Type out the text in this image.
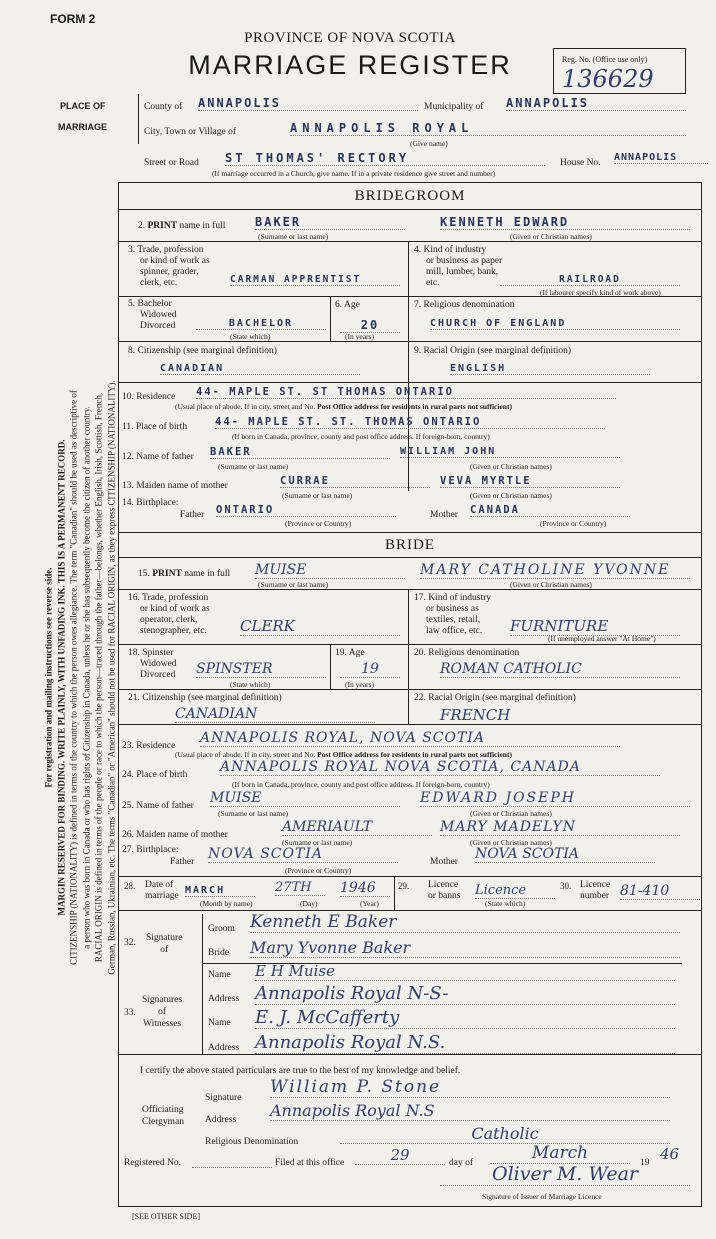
For registration and mailing instructions see reverse side. MARGIN RESERVED FOR BINDING. WRITE PLAINLY, WITH UNFADING INK. THIS IS A PERMANENT RECORD. CITIZENSHIP (NATIONALITY) is defined in terms of the country to which the person owes allegiance. The term "Canadian" should be used as descriptive of a person who was born in Canada or who has rights of Citizenship in Canada, unless he or she has subsequently become the citizen of another country. RACIAL ORIGIN is defined in terms of the people or race to which the person—traced through the father—belongs, whether English, Irish, Scottish, French, German, Russian, Ukrainian, etc. The terms "Canadian" or "American" should not be used for RACIAL ORIGIN, as they express CITIZENSHIP (NATIONALITY).
FORM 2
PROVINCE OF NOVA SCOTIA
MARRIAGE REGISTER	Reg. No. (Office use only)
136629
PLACE OF
MARRIAGE
County of ANNAPOLIS	Municipality of ANNAPOLIS
City, Town or Village of	ANNAPOLIS ROYAL
(Give name)
Street or Road ST THOMAS' RECTORY	House No. ANNAPOLIS
(If marriage occurred in a Church, give name. If in a private residence give street and number)
BRIDEGROOM
2. PRINT name in full BAKER	KENNETH EDWARD
(Surname or last name)	(Given or Christian names)
3. Trade, profession
or kind of work as
spinner, grader,
clerk, etc.	CARMAN APPRENTIST
4. Kind of industry
or business as paper
mill, lumber, bank,
etc.	RAILROAD
(If labourer specify kind of work above)
5. Bachelor
Widowed
Divorced	BACHELOR
(State which)
6. Age
20
(In years)
7. Religious denomination
CHURCH OF ENGLAND
8. Citizenship (see marginal definition)
CANADIAN
9. Racial Origin (see marginal definition)
ENGLISH
10. Residence 44- MAPLE ST. ST THOMAS ONTARIO
(Usual place of abode. If in city, street and No. Post Office address for residents in rural parts not sufficient)
11. Place of birth	44- MAPLE ST. ST. THOMAS ONTARIO
(If born in Canada, province, county and post office address. If foreign-born, country)
12. Name of father BAKER	WILLIAM JOHN
(Surname or last name)	(Given or Christian names)
13. Maiden name of mother	CURRAE	VEVA MYRTLE
(Surname or last name)	(Given or Christian names)
14. Birthplace:
Father ONTARIO	Mother CANADA
(Province or Country)	(Province or Country)
BRIDE
15. PRINT name in full MUISE	MARY CATHOLINE YVONNE
(Surname or last name)	(Given or Christian names)
16. Trade, profession
or kind of work as
operator, clerk,
stenographer, etc. CLERK
17. Kind of industry
or business as
textiles, retail,
law office, etc.	FURNITURE
(If unemployed answer "At Home")
18. Spinster
Widowed
Divorced SPINSTER
(State which)
19. Age
19
(In years)
20. Religious denomination
ROMAN CATHOLIC
21. Citizenship (see marginal definition)
CANADIAN
22. Racial Origin (see marginal definition)
FRENCH
23. Residence ANNAPOLIS ROYAL, NOVA SCOTIA
(Usual place of abode. If in city, street and No. Post Office address for residents in rural parts not sufficient)
24. Place of birth ANNAPOLIS ROYAL NOVA SCOTIA, CANADA
(If born in Canada, province, county and post office address. If foreign-born, country)
25. Name of father MUISE	EDWARD JOSEPH
(Surname or last name)	(Given or Christian names)
26. Maiden name of mother	AMERIAULT	MARY MADELYN
(Surname or last name)	(Given or Christian names)
27. Birthplace:
Father NOVA SCOTIA	Mother NOVA SCOTIA
(Province or Country)
28. Date of
marriage MARCH	27TH	1946
(Month by name)	(Day)	(Year)
29. Licence
or banns Licence
(State which)
30. Licence
number 81-410
32. Signature
of
Groom Kenneth E Baker
Bride Mary Yvonne Baker
33.
Signatures
of
Witnesses
Name E H Muise
Address Annapolis Royal N-S-
Name E. J. McCafferty
Address Annapolis Royal N.S.
I certify the above stated particulars are true to the best of my knowledge and belief.
Officiating
Clergyman
Signature
William P. Stone
Address Annapolis Royal N.S
Religious Denomination	Catholic
Registered No.	Filed at this office	29	day of	March	19 46
Oliver M. Wear
Signature of Issuer of Marriage Licence
[SEE OTHER SIDE]
